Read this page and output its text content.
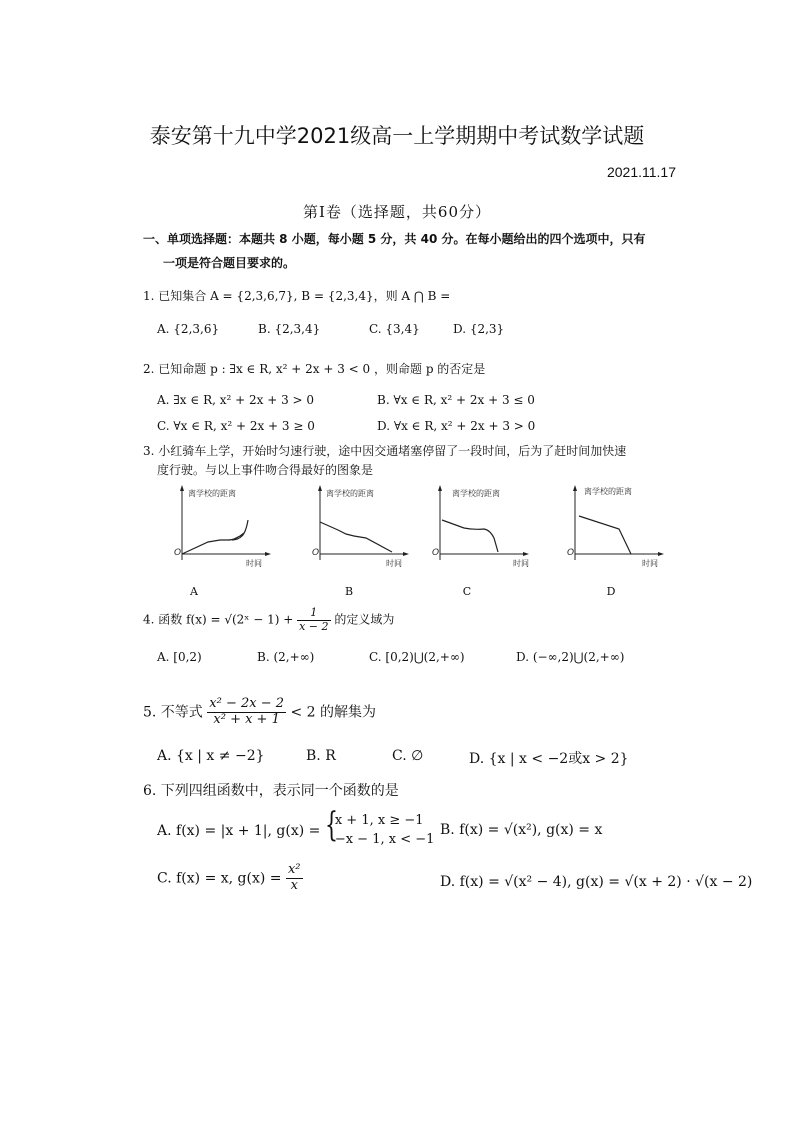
泰安第十九中学2021级高一上学期期中考试数学试题
2021.11.17
第Ⅰ卷（选择题，共60分）
一、单项选择题：本题共 8 小题，每小题 5 分，共 40 分。在每小题给出的四个选项中，只有
一项是符合题目要求的。
1. 已知集合 A = {2,3,6,7}, B = {2,3,4}，则 A ⋂ B =
A. {2,3,6}	B. {2,3,4}	C. {3,4}	D. {2,3}
2. 已知命题 p : ∃x ∈ R, x² + 2x + 3 < 0 ，则命题 p 的否定是
A. ∃x ∈ R, x² + 2x + 3 > 0	B. ∀x ∈ R, x² + 2x + 3 ≤ 0
C. ∀x ∈ R, x² + 2x + 3 ≥ 0	D. ∀x ∈ R, x² + 2x + 3 > 0
3. 小红骑车上学，开始时匀速行驶，途中因交通堵塞停留了一段时间，后为了赶时间加快速
度行驶。与以上事件吻合得最好的图象是
离学校的距离
时间
O
A
离学校的距离
时间
O
B
离学校的距离
时间
O
C
离学校的距离
时间
O
D
4. 函数 f(x) = √(2ˣ − $1) + \frac{1}{x - 2}$ 的定义域为
A. [0,2)	B. (2,+∞)	C. [0,2)⋃(2,+∞)	D. (−∞,2)⋃(2,+∞)
5. 不等式 $\frac{\text{x² − 2x − 2}}{\text{x² + x + 1}} < 2$ 的解集为
A. {x | x ≠ −2}	B. R	C. ∅	D. {x | x < −2或x > 2}
6. 下列四组函数中，表示同一个函数的是
A. f(x) = |x + 1|, g(x) = {
x + 1, x ≥ −1
−x − 1, x < −1
B. f(x) = √(x²), g(x) = x
C. f(x) = x, $g(x) = \frac{\text{x²}}{x}$	D. f(x) = √(x² − 4), g(x) = √(x + 2) · √(x − 2)
